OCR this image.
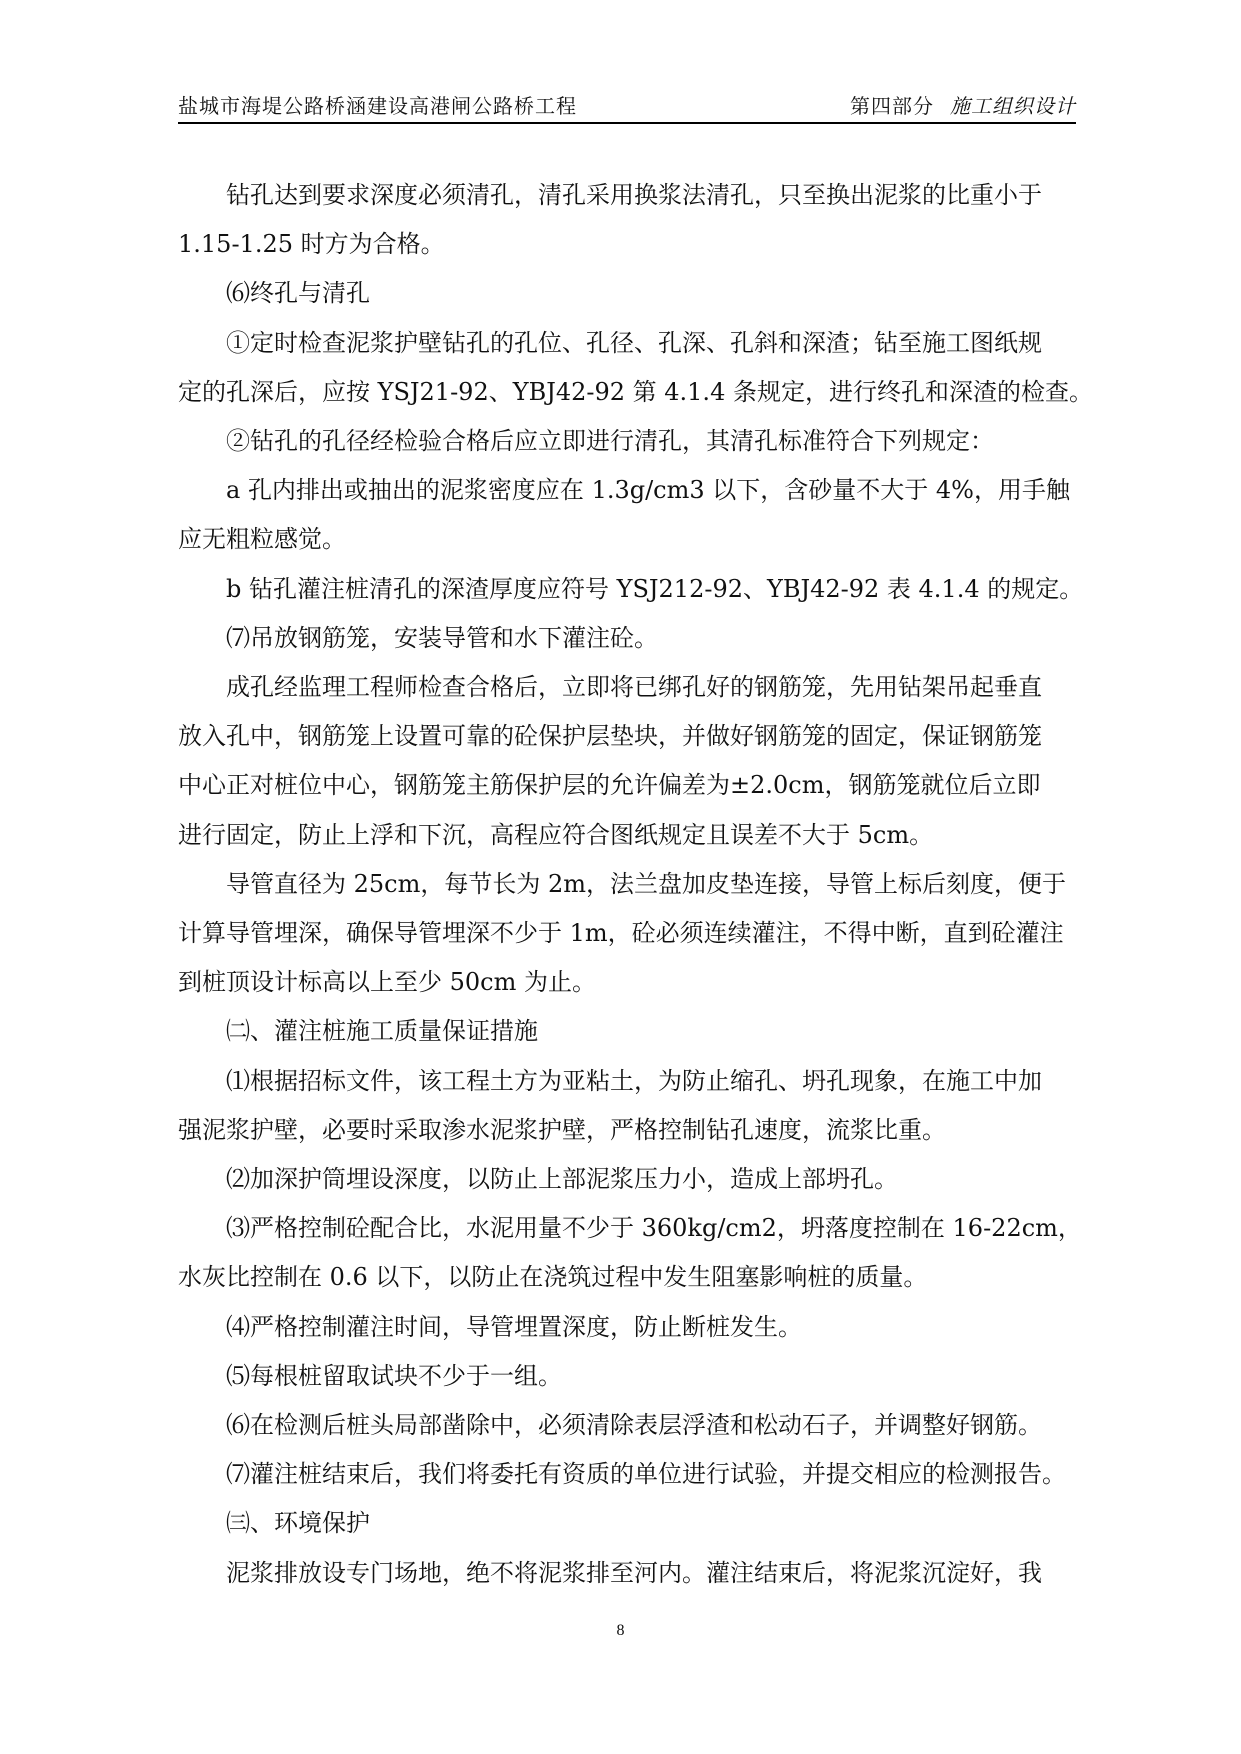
盐城市海堤公路桥涵建设高港闸公路桥工程	第四部分 施工组织设计
钻孔达到要求深度必须清孔，清孔采用换浆法清孔，只至换出泥浆的比重小于
1.15-1.25 时方为合格。
⑹终孔与清孔
①定时检查泥浆护壁钻孔的孔位、孔径、孔深、孔斜和深渣；钻至施工图纸规
定的孔深后，应按 YSJ21-92、YBJ42-92 第 4.1.4 条规定，进行终孔和深渣的检查。
②钻孔的孔径经检验合格后应立即进行清孔，其清孔标准符合下列规定：
a 孔内排出或抽出的泥浆密度应在 1.3g/cm3 以下，含砂量不大于 4%，用手触
应无粗粒感觉。
b 钻孔灌注桩清孔的深渣厚度应符号 YSJ212-92、YBJ42-92 表 4.1.4 的规定。
⑺吊放钢筋笼，安装导管和水下灌注砼。
成孔经监理工程师检查合格后，立即将已绑孔好的钢筋笼，先用钻架吊起垂直
放入孔中，钢筋笼上设置可靠的砼保护层垫块，并做好钢筋笼的固定，保证钢筋笼
中心正对桩位中心，钢筋笼主筋保护层的允许偏差为±2.0cm，钢筋笼就位后立即
进行固定，防止上浮和下沉，高程应符合图纸规定且误差不大于 5cm。
导管直径为 25cm，每节长为 2m，法兰盘加皮垫连接，导管上标后刻度，便于
计算导管埋深，确保导管埋深不少于 1m，砼必须连续灌注，不得中断，直到砼灌注
到桩顶设计标高以上至少 50cm 为止。
㈡、灌注桩施工质量保证措施
⑴根据招标文件，该工程土方为亚粘土，为防止缩孔、坍孔现象，在施工中加
强泥浆护壁，必要时采取渗水泥浆护壁，严格控制钻孔速度，流浆比重。
⑵加深护筒埋设深度，以防止上部泥浆压力小，造成上部坍孔。
⑶严格控制砼配合比，水泥用量不少于 360kg/cm2，坍落度控制在 16-22cm，
水灰比控制在 0.6 以下，以防止在浇筑过程中发生阻塞影响桩的质量。
⑷严格控制灌注时间，导管埋置深度，防止断桩发生。
⑸每根桩留取试块不少于一组。
⑹在检测后桩头局部凿除中，必须清除表层浮渣和松动石子，并调整好钢筋。
⑺灌注桩结束后，我们将委托有资质的单位进行试验，并提交相应的检测报告。
㈢、环境保护
泥浆排放设专门场地，绝不将泥浆排至河内。灌注结束后，将泥浆沉淀好，我
8
